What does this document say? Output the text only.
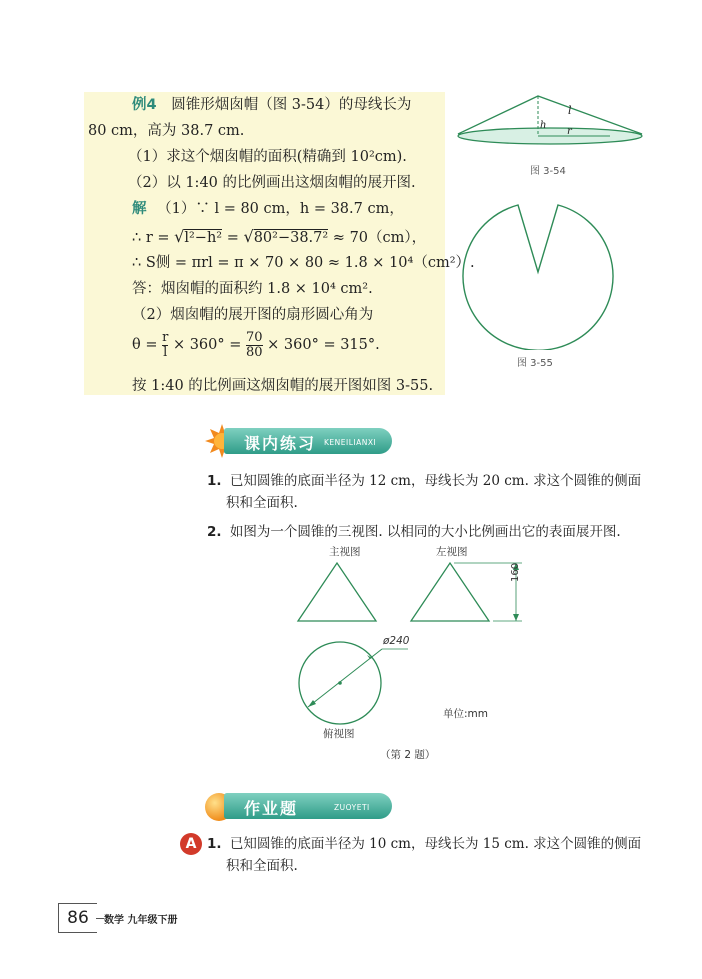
例4 圆锥形烟囱帽（图 3-54）的母线长为
80 cm，高为 38.7 cm.
（1）求这个烟囱帽的面积(精确到 10²cm).
（2）以 1:40 的比例画出这烟囱帽的展开图.
解 （1）∵ l = 80 cm，h = 38.7 cm，
∴ r = √l²−h² = √80²−38.7² ≈ 70（cm），
∴ S侧 = πrl = π × 70 × 80 ≈ 1.8 × 10⁴（cm²）.
答：烟囱帽的面积约 1.8 × 10⁴ cm².
（2）烟囱帽的展开图的扇形圆心角为
$\theta = \frac{r}{l} \times 360^\circ = \frac{70}{80} \times 360^\circ = 315^\circ$.
按 1:40 的比例画这烟囱帽的展开图如图 3-55.
l
h
r
图 3-54
图 3-55
课内练习 KENEILIANXI
1. 已知圆锥的底面半径为 12 cm，母线长为 20 cm. 求这个圆锥的侧面
积和全面积.
2. 如图为一个圆锥的三视图. 以相同的大小比例画出它的表面展开图.
主视图	左视图
160
ø240
单位:mm
俯视图
（第 2 题）
作业题	ZUOYETI
A 1. 已知圆锥的底面半径为 10 cm，母线长为 15 cm. 求这个圆锥的侧面
积和全面积.
86	数学 九年级下册
